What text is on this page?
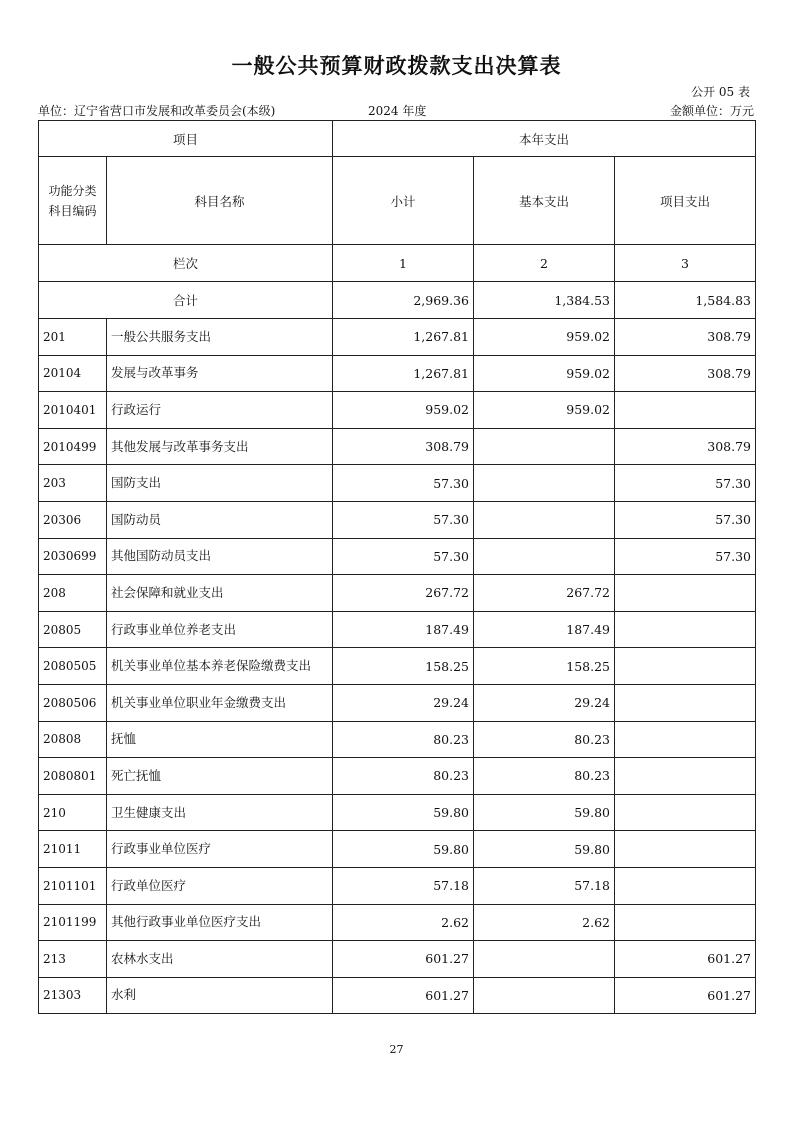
一般公共预算财政拨款支出决算表
公开 05 表
单位：辽宁省营口市发展和改革委员会(本级)	2024 年度	金额单位：万元
项目		本年支出		
功能分类
科目编码	科目名称	小计	基本支出	项目支出
栏次		1	2	3
合计		2,969.36	1,384.53	1,584.83
201	一般公共服务支出	1,267.81	959.02	308.79
20104	发展与改革事务	1,267.81	959.02	308.79
2010401	行政运行	959.02	959.02	
2010499	其他发展与改革事务支出	308.79		308.79
203	国防支出	57.30		57.30
20306	国防动员	57.30		57.30
2030699	其他国防动员支出	57.30		57.30
208	社会保障和就业支出	267.72	267.72	
20805	行政事业单位养老支出	187.49	187.49	
2080505	机关事业单位基本养老保险缴费支出	158.25	158.25	
2080506	机关事业单位职业年金缴费支出	29.24	29.24	
20808	抚恤	80.23	80.23	
2080801	死亡抚恤	80.23	80.23	
210	卫生健康支出	59.80	59.80	
21011	行政事业单位医疗	59.80	59.80	
2101101	行政单位医疗	57.18	57.18	
2101199	其他行政事业单位医疗支出	2.62	2.62	
213	农林水支出	601.27		601.27
21303	水利	601.27		601.27
27
